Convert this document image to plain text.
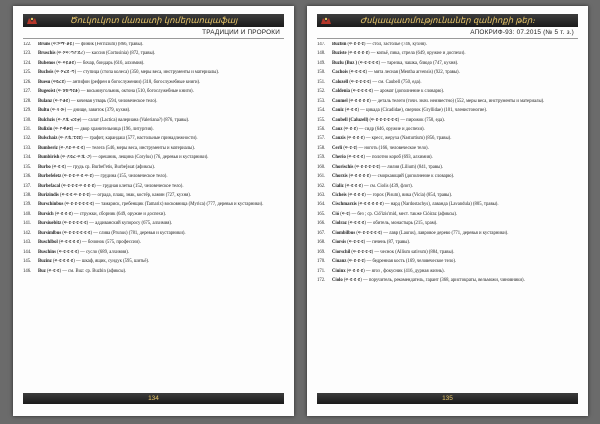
Ծուկուկոտ մառատի կոմերաոպաֆայ
ТРАДИЦИИ И ПРОРОКИ
122.	Bruns (ፍ:ሾማ·ቆዬ) — финик (Ferrizium) (866, травы).
123.	Bruschis (ፍ·ሾፍ:ጣያ:ዩሪ) — кассия (Cortusinia) (872, травы).
124.	Bubenos (ፍ·ፍዬቆዩ) — бочар, бондарь (616, алхимия).
125.	Buchsis (ፍ·ሾፎዩ·ጣ) — ступица (стопа колеса) (350, меры веса, инструменты и материалы).
126.	Buesu (ፍዩፎዩ) — антифон (рефрен в богослужении) (318, богослужебные книги).
127.	Bugeoist (ፍ·ሸቿጣዩቆ) — восьмиугольник, октона (510, богослужебные книги).
128.	Bulanz (ፍ·ዮቆዩ) — кочевая утварь (594, человеческое тело).
129.	Bultu (ፍ·ሳ·ሹ) — днище, завиток (379, кухня).
130.	Bulchzis (ፍ·ዶሿ·ፎዩቲ) — салат (Lactica) валериана (Valeriana?) (876, травы).
131.	Bulizin (ፍ·ዮዊቆዩ) — двор хранительница (196, литургия).
132.	Bulschaiz (ፍ·ዶሿ:ፒዩዩ) — графит, карандаш (577, настольные принадлежности).
133.	Bumberiz (ፍ·ዶዩ·ፍ·ዩ·ዩ) — телега (546, меры веса, инструменты и материалы).
134.	Bumbirish (ፍ·ዶዩፎ·ፍ:ሿ·ጋ) — орешник, лещина (Corylus) (76, деревья и кустарники).
135.	Burbo (ፍ·ዩ·ዩ) — грудь ср. Burbef'etis, Burbe[ssat (афиксы).
136.	Burbefeletz (ፍ·ዩ·ዩ·ፍ·ዩ·ፍ·ዩ) — грудина (155, человеческое тело).
137.	Burbefacal (ፍ·ዩ·ዩ·ዩ·ፍ·ዩ·ዩ·ዩ) — грудная клетка (152, человеческое тело).
138.	Burizindis (ፍ·ዩ·ዩ·ፍ·ዩ·ዩ·ዩ) — ограда, плащ, знак, костёр, камин (727, кухня).
139.	Burschinbus (ፍ·ዩ·ዩ·ዩ·ዩ·ዩ·ዩ) — тамариск, гребенщик (Tamarix) восковница (Myrica) (777, деревья и кустарники).
140.	Bursich (ፍ·ዩ·ዩ·ዩ) — стружки, сборник (649, оружие и доспехи).
141.	Bursiuebitz (ፍ·ዩ·ዩ·ዩ·ዩ·ዩ) — аддиванский купоросу (675, алхимия).
142.	Bursimlbus (ፍ·ዩ·ዩ·ዩ·ዩ·ዩ·ዩ) — слива (Prunus) (781, деревья и кустарники).
143.	Buschlbol (ፍ·ዩ·ዩ·ዩ·ዩ) — бочонок (575, профессии).
144.	Buschins (ፍ·ዩ·ዩ·ዩ·ዩ) — сусло (689, алхимия).
145.	Buzinz (ፍ·ዩ·ዩ·ዩ·ዩ) — шкаф, ящик, сундук (595, шитьё).
146.	Buz (ፍ·ዩ·ዩ) — см. Buz: ср. Buzbin (афиксы).
134
Ժսկապատմությունաներ զանիոքի թեր։
АПОКРИФ-93: 07.2015 (№ 5 т. з.)
147.	Buzbin (ፍ·ዩ·ዩ·ዩ) — стол, застолье (746, кухня).
148.	Buziste (ፍ·ዩ·ዩ·ዩ·ዩ) — копьё, пика, стрела (649, оружие и доспехи).
149.	Buzlu (Buz ) (ፍ·ዩ·ዩ·ዩ·ዩ) — тарелка, чашка, блюдо (747, кухня).
150.	Cachois (ፍ·ዩ·ዩ·ዩ) — мята лесная (Mentha arvensis) (922, травы).
151.	Calozell (ፍ·ዩ·ዩ·ዩ·ዩ) — см. Caubell (750, еда).
152.	Caldenia (ፍ·ዩ·ዩ·ዩ·ዩ) — аромат (дополнение к словарю).
153.	Caumel (ፍ·ዩ·ዩ·ዩ·ዩ) — деталь телеги (точн. знач. неизвестно) (552, меры веса, инструменты и материалы).
154.	Cauiz (ፍ·ዩ·ዩ) — цикада (Cicadidae), сверчок (Gryllidae) (101, членистоногие).
155.	Caubell (Caluzell) (ፍ·ዩ·ዩ·ዩ·ዩ·ዩ·ዩ) — пирожок (750, еда).
156.	Cauz (ፍ·ዩ·ዩ) — сидр (646, оружие и доспехи).
157.	Cauzis (ፍ·ዩ·ዩ·ዩ) — кресс, жеруха (Nasturtium) (856, травы).
158.	Cerli (ፍ·ዩ·ዩ) — ноготь (166, человеческое тело).
159.	Cherio (ፍ·ዩ·ዩ·ዩ) — полотно короб (693, алхимия).
160.	Chorischis (ፍ·ዩ·ዩ·ዩ·ዩ·ዩ) — лилия (Lilium) (841, травы).
161.	Chorzis (ፍ·ዩ·ዩ·ዩ·ዩ) — сморкающий (дополнение к словарю).
162.	Cializ (ፍ·ዩ·ዩ·ዩ) — см. Ciolis (439, флот).
163.	Cicheis (ፍ·ዩ·ዩ·ዩ) — горох (Pisum), вика (Vicia) (854, травы).
164.	Cischmarzis (ፍ·ዩ·ዩ·ዩ·ዩ·ዩ) — нард (Nardostachys), лаванда (Lavandula) (805, травы).
165.	Ció (ፍ·ዩ) — без ; ср. Ciő'izis'mid, мест. также Cióiraz (афиксы).
166.	Ciolraz (ፍ·ዩ·ዩ·ዩ) — обитель, монастырь (215, храм).
167.	Ciombilbus (ፍ·ዩ·ዩ·ዩ·ዩ·ዩ) — лавр (Laurus), лавровое дерево (771, деревья и кустарники).
168.	Ciorsis (ፍ·ዩ·ዩ·ዩ) — печень (87, травы).
169.	Ciorschil (ፍ·ዩ·ዩ·ዩ·ዩ) — чеснок (Allium sativum) (884, травы).
170.	Ciuanz (ፍ·ዩ·ዩ·ዩ) — бедренная кость (169, человеческое тело).
171.	Ciuinx (ፍ·ዩ·ዩ·ዩ) — ягоз , фокусник (416, дурная жизнь).
172.	Ciolo (ፍ·ዩ·ዩ·ዩ) — поручитель, рекомендатель, гарант (368, аристократы, вельможи, чиновники).
135
